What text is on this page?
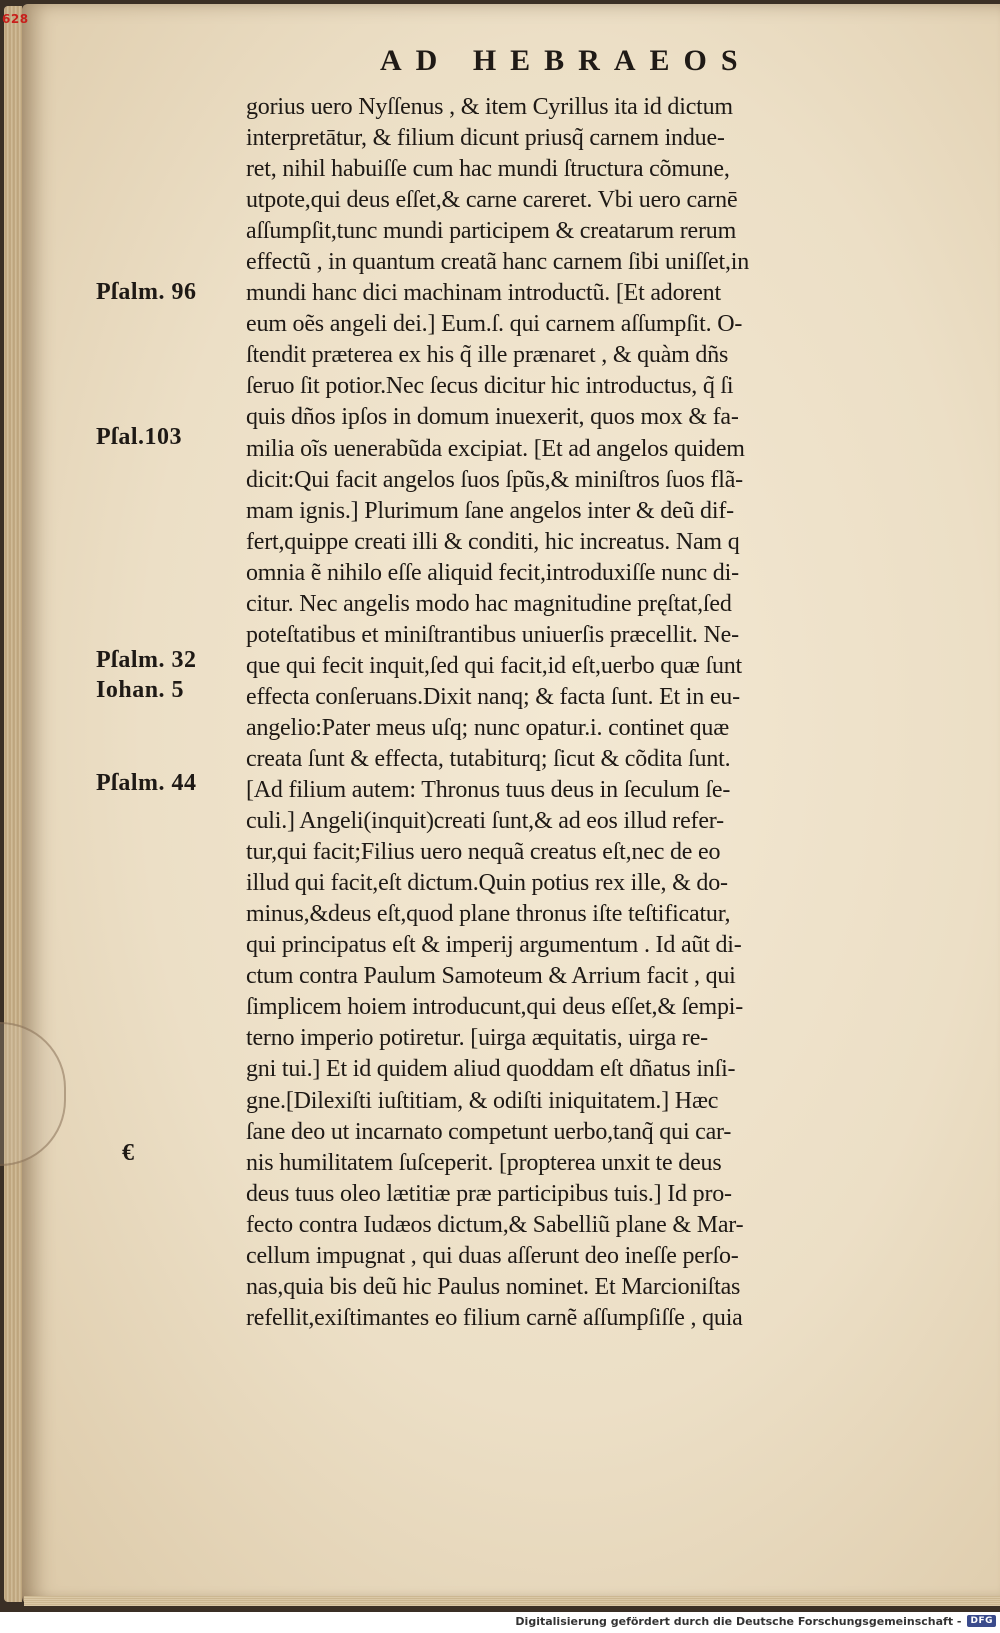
628
AD HEBRAEOS
Pſalm. 96
Pſal.103
Pſalm. 32
Iohan. 5
Pſalm. 44
€
gorius uero Nyſſenus , & item Cyrillus ita id dictum
interpretātur, & filium dicunt priusq̃ carnem indue-
ret, nihil habuiſſe cum hac mundi ſtructura cõmune,
utpote,qui deus eſſet,& carne careret. Vbi uero carnē
aſſumpſit,tunc mundi participem & creatarum rerum
effectũ , in quantum creatã hanc carnem ſibi uniſſet,in
mundi hanc dici machinam introductũ. [Et adorent
eum oẽs angeli dei.] Eum.ſ. qui carnem aſſumpſit. O-
ſtendit præterea ex his q̃ ille prænaret , & quàm dñs
ſeruo ſit potior.Nec ſecus dicitur hic introductus, q̃ ſi
quis dños ipſos in domum inuexerit, quos mox & fa-
milia oĩs uenerabũda excipiat. [Et ad angelos quidem
dicit:Qui facit angelos ſuos ſpũs,& miniſtros ſuos flã-
mam ignis.] Plurimum ſane angelos inter & deũ dif-
fert,quippe creati illi & conditi, hic increatus. Nam q
omnia ẽ nihilo eſſe aliquid fecit,introduxiſſe nunc di-
citur. Nec angelis modo hac magnitudine pręſtat,ſed
poteſtatibus et miniſtrantibus uniuerſis præcellit. Ne-
que qui fecit inquit,ſed qui facit,id eſt,uerbo quæ ſunt
effecta conſeruans.Dixit nanq; & facta ſunt. Et in eu-
angelio:Pater meus uſq; nunc opatur.i. continet quæ
creata ſunt & effecta, tutabiturq; ſicut & cõdita ſunt.
[Ad filium autem: Thronus tuus deus in ſeculum ſe-
culi.] Angeli(inquit)creati ſunt,& ad eos illud refer-
tur,qui facit;Filius uero nequã creatus eſt,nec de eo
illud qui facit,eſt dictum.Quin potius rex ille, & do-
minus,&deus eſt,quod plane thronus iſte teſtificatur,
qui principatus eſt & imperij argumentum . Id aũt di-
ctum contra Paulum Samoteum & Arrium facit , qui
ſimplicem hoiem introducunt,qui deus eſſet,& ſempi-
terno imperio potiretur. [uirga æquitatis, uirga re-
gni tui.] Et id quidem aliud quoddam eſt dñatus inſi-
gne.[Dilexiſti iuſtitiam, & odiſti iniquitatem.] Hæc
ſane deo ut incarnato competunt uerbo,tanq̃ qui car-
nis humilitatem ſuſceperit. [propterea unxit te deus
deus tuus oleo lætitiæ præ participibus tuis.] Id pro-
fecto contra Iudæos dictum,& Sabelliũ plane & Mar-
cellum impugnat , qui duas aſſerunt deo ineſſe perſo-
nas,quia bis deũ hic Paulus nominet. Et Marcioniſtas
refellit,exiſtimantes eo filium carnẽ aſſumpſiſſe , quia
Digitalisierung gefördert durch die Deutsche Forschungsgemeinschaft -	DFG
